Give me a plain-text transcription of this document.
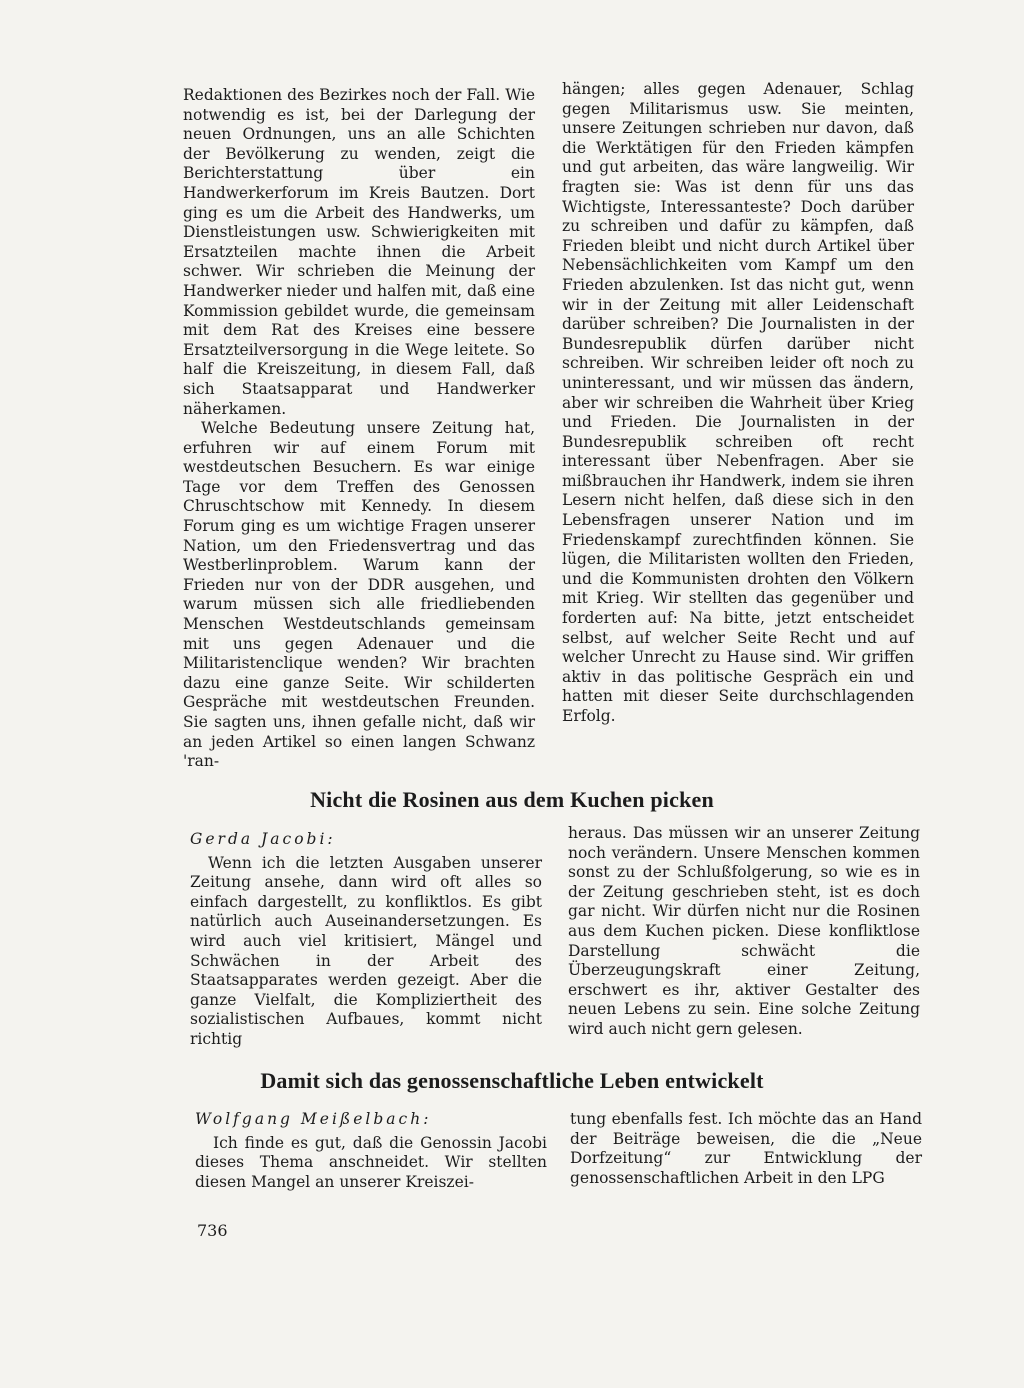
Redaktionen des Bezirkes noch der Fall. Wie notwendig es ist, bei der Darlegung der neuen Ordnungen, uns an alle Schichten der Bevölkerung zu wenden, zeigt die Berichterstattung über ein Handwerkerforum im Kreis Bautzen. Dort ging es um die Arbeit des Handwerks, um Dienstleistungen usw. Schwierigkeiten mit Ersatzteilen machte ihnen die Arbeit schwer. Wir schrieben die Meinung der Handwerker nieder und halfen mit, daß eine Kommission gebildet wurde, die gemeinsam mit dem Rat des Kreises eine bessere Ersatzteilversorgung in die Wege leitete. So half die Kreiszeitung, in diesem Fall, daß sich Staatsapparat und Handwerker näherkamen.

Welche Bedeutung unsere Zeitung hat, erfuhren wir auf einem Forum mit westdeutschen Besuchern. Es war einige Tage vor dem Treffen des Genossen Chruschtschow mit Kennedy. In diesem Forum ging es um wichtige Fragen unserer Nation, um den Friedensvertrag und das Westberlinproblem. Warum kann der Frieden nur von der DDR ausgehen, und warum müssen sich alle friedliebenden Menschen Westdeutschlands gemeinsam mit uns gegen Adenauer und die Militaristenclique wenden? Wir brachten dazu eine ganze Seite. Wir schilderten Gespräche mit westdeutschen Freunden. Sie sagten uns, ihnen gefalle nicht, daß wir an jeden Artikel so einen langen Schwanz 'ran-

hängen; alles gegen Adenauer, Schlag gegen Militarismus usw. Sie meinten, unsere Zeitungen schrieben nur davon, daß die Werktätigen für den Frieden kämpfen und gut arbeiten, das wäre langweilig. Wir fragten sie: Was ist denn für uns das Wichtigste, Interessanteste? Doch darüber zu schreiben und dafür zu kämpfen, daß Frieden bleibt und nicht durch Artikel über Nebensächlichkeiten vom Kampf um den Frieden abzulenken. Ist das nicht gut, wenn wir in der Zeitung mit aller Leidenschaft darüber schreiben? Die Journalisten in der Bundesrepublik dürfen darüber nicht schreiben. Wir schreiben leider oft noch zu uninteressant, und wir müssen das ändern, aber wir schreiben die Wahrheit über Krieg und Frieden. Die Journalisten in der Bundesrepublik schreiben oft recht interessant über Nebenfragen. Aber sie mißbrauchen ihr Handwerk, indem sie ihren Lesern nicht helfen, daß diese sich in den Lebensfragen unserer Nation und im Friedenskampf zurechtfinden können. Sie lügen, die Militaristen wollten den Frieden, und die Kommunisten drohten den Völkern mit Krieg. Wir stellten das gegenüber und forderten auf: Na bitte, jetzt entscheidet selbst, auf welcher Seite Recht und auf welcher Unrecht zu Hause sind. Wir griffen aktiv in das politische Gespräch ein und hatten mit dieser Seite durchschlagenden Erfolg.

Nicht die Rosinen aus dem Kuchen picken
Gerda Jacobi:

Wenn ich die letzten Ausgaben unserer Zeitung ansehe, dann wird oft alles so einfach dargestellt, zu konfliktlos. Es gibt natürlich auch Auseinandersetzungen. Es wird auch viel kritisiert, Mängel und Schwächen in der Arbeit des Staatsapparates werden gezeigt. Aber die ganze Vielfalt, die Kompliziertheit des sozialistischen Aufbaues, kommt nicht richtig

heraus. Das müssen wir an unserer Zeitung noch verändern. Unsere Menschen kommen sonst zu der Schlußfolgerung, so wie es in der Zeitung geschrieben steht, ist es doch gar nicht. Wir dürfen nicht nur die Rosinen aus dem Kuchen picken. Diese konfliktlose Darstellung schwächt die Überzeugungskraft einer Zeitung, erschwert es ihr, aktiver Gestalter des neuen Lebens zu sein. Eine solche Zeitung wird auch nicht gern gelesen.

Damit sich das genossenschaftliche Leben entwickelt
Wolfgang Meißelbach:

Ich finde es gut, daß die Genossin Jacobi dieses Thema anschneidet. Wir stellten diesen Mangel an unserer Kreiszei-

tung ebenfalls fest. Ich möchte das an Hand der Beiträge beweisen, die die „Neue Dorfzeitung“ zur Entwicklung der genossenschaftlichen Arbeit in den LPG

736
